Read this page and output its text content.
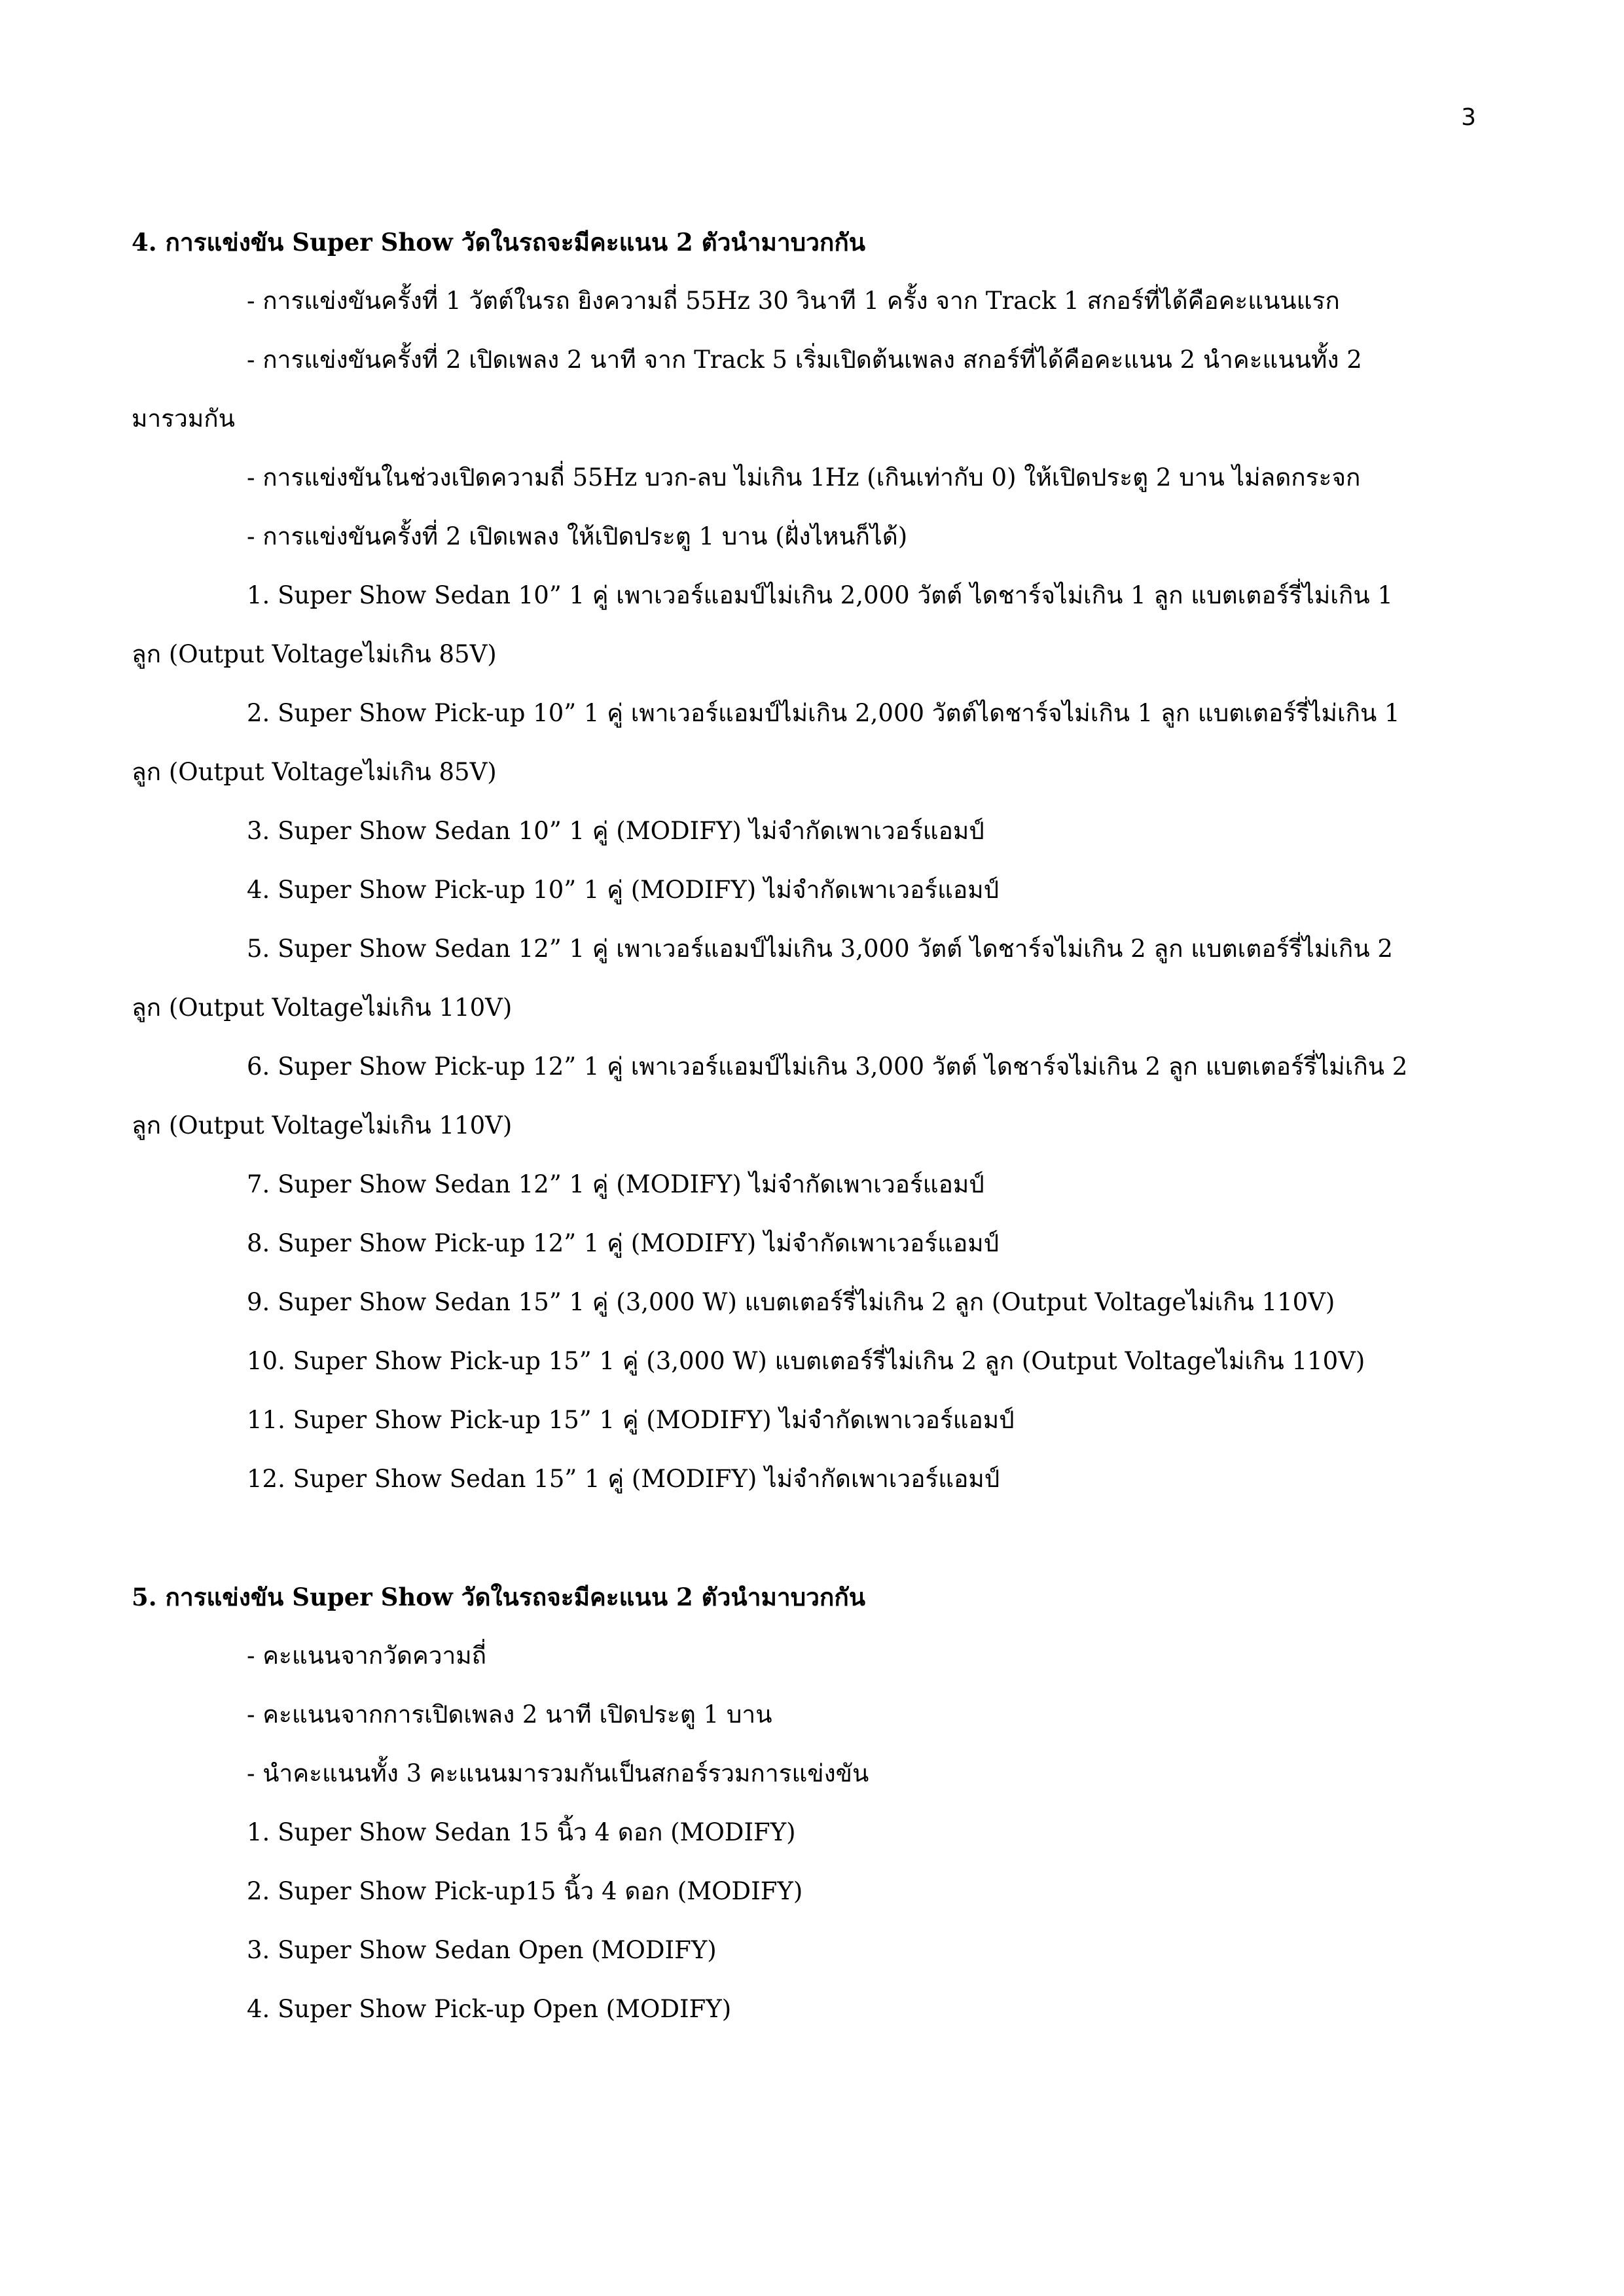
3
4. การแข่งขัน Super Show วัดในรถจะมีคะแนน 2 ตัวนำมาบวกกัน
- การแข่งขันครั้งที่ 1 วัตต์ในรถ ยิงความถี่ 55Hz 30 วินาที 1 ครั้ง จาก Track 1 สกอร์ที่ได้คือคะแนนแรก
- การแข่งขันครั้งที่ 2 เปิดเพลง 2 นาที จาก Track 5 เริ่มเปิดต้นเพลง สกอร์ที่ได้คือคะแนน 2 นำคะแนนทั้ง 2
มารวมกัน
- การแข่งขันในช่วงเปิดความถี่ 55Hz บวก-ลบ ไม่เกิน 1Hz (เกินเท่ากับ 0) ให้เปิดประตู 2 บาน ไม่ลดกระจก
- การแข่งขันครั้งที่ 2 เปิดเพลง ให้เปิดประตู 1 บาน (ฝั่งไหนก็ได้)
1. Super Show Sedan 10” 1 คู่ เพาเวอร์แอมป์ไม่เกิน 2,000 วัตต์ ไดชาร์จไม่เกิน 1 ลูก แบตเตอร์รี่ไม่เกิน 1
ลูก (Output Voltageไม่เกิน 85V)
2. Super Show Pick-up 10” 1 คู่ เพาเวอร์แอมป์ไม่เกิน 2,000 วัตต์ไดชาร์จไม่เกิน 1 ลูก แบตเตอร์รี่ไม่เกิน 1
ลูก (Output Voltageไม่เกิน 85V)
3. Super Show Sedan 10” 1 คู่ (MODIFY) ไม่จำกัดเพาเวอร์แอมป์
4. Super Show Pick-up 10” 1 คู่ (MODIFY) ไม่จำกัดเพาเวอร์แอมป์
5. Super Show Sedan 12” 1 คู่ เพาเวอร์แอมป์ไม่เกิน 3,000 วัตต์ ไดชาร์จไม่เกิน 2 ลูก แบตเตอร์รี่ไม่เกิน 2
ลูก (Output Voltageไม่เกิน 110V)
6. Super Show Pick-up 12” 1 คู่ เพาเวอร์แอมป์ไม่เกิน 3,000 วัตต์ ไดชาร์จไม่เกิน 2 ลูก แบตเตอร์รี่ไม่เกิน 2
ลูก (Output Voltageไม่เกิน 110V)
7. Super Show Sedan 12” 1 คู่ (MODIFY) ไม่จำกัดเพาเวอร์แอมป์
8. Super Show Pick-up 12” 1 คู่ (MODIFY) ไม่จำกัดเพาเวอร์แอมป์
9. Super Show Sedan 15” 1 คู่ (3,000 W) แบตเตอร์รี่ไม่เกิน 2 ลูก (Output Voltageไม่เกิน 110V)
10. Super Show Pick-up 15” 1 คู่ (3,000 W) แบตเตอร์รี่ไม่เกิน 2 ลูก (Output Voltageไม่เกิน 110V)
11. Super Show Pick-up 15” 1 คู่ (MODIFY) ไม่จำกัดเพาเวอร์แอมป์
12. Super Show Sedan 15” 1 คู่ (MODIFY) ไม่จำกัดเพาเวอร์แอมป์
5. การแข่งขัน Super Show วัดในรถจะมีคะแนน 2 ตัวนำมาบวกกัน
- คะแนนจากวัดความถี่
- คะแนนจากการเปิดเพลง 2 นาที เปิดประตู 1 บาน
- นำคะแนนทั้ง 3 คะแนนมารวมกันเป็นสกอร์รวมการแข่งขัน
1. Super Show Sedan 15 นิ้ว 4 ดอก (MODIFY)
2. Super Show Pick-up15 นิ้ว 4 ดอก (MODIFY)
3. Super Show Sedan Open (MODIFY)
4. Super Show Pick-up Open (MODIFY)
